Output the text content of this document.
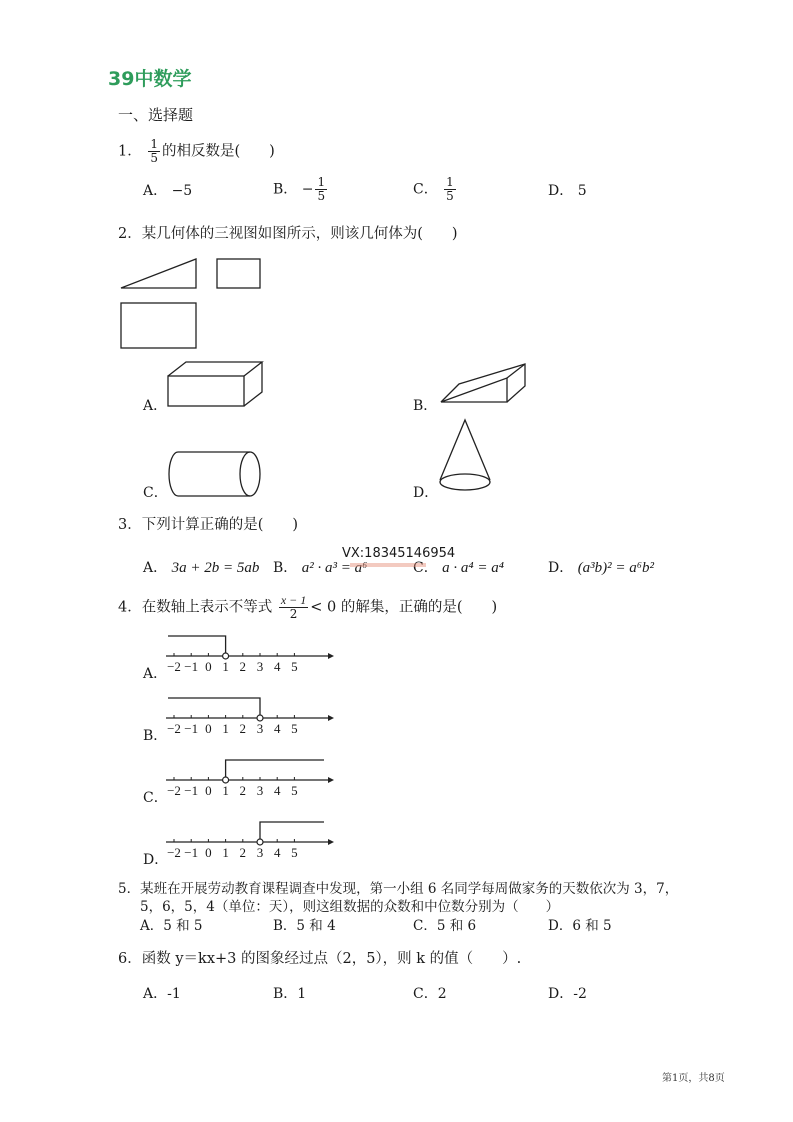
39中数学
一、选择题
1． $\frac{1}{5}$ 的相反数是(　　)
A． −5	B． − $\frac{1}{5}$	C． $\frac{1}{5}$	D． 5
2．某几何体的三视图如图所示，则该几何体为(　　)
A．	B．
C．	D．
3．下列计算正确的是(　　)
A． 3a + 2b = 5ab B． a² · a³ = a⁶	C． a · a⁴ = a⁴	D． (a³b)² = a⁶b²
VX:18345146954
4．在数轴上表示不等式 $\frac{x - 1}{2} < 0$ 的解集，正确的是(　　)
A．
B．
C．
D．
−2 −1 0 1 2 3 4 5
−2 −1 0 1 2 3 4 5
−2 −1 0 1 2 3 4 5
−2 −1 0 1 2 3 4 5
5．某班在开展劳动教育课程调查中发现，第一小组 6 名同学每周做家务的天数依次为 3，7，
5，6，5，4（单位：天），则这组数据的众数和中位数分别为（　　）
A．5 和 5	B．5 和 4	C．5 和 6	D．6 和 5
6．函数 y＝kx+3 的图象经过点（2，5），则 k 的值（　　）.
A．-1	B．1	C．2	D．-2
第1页，共8页
